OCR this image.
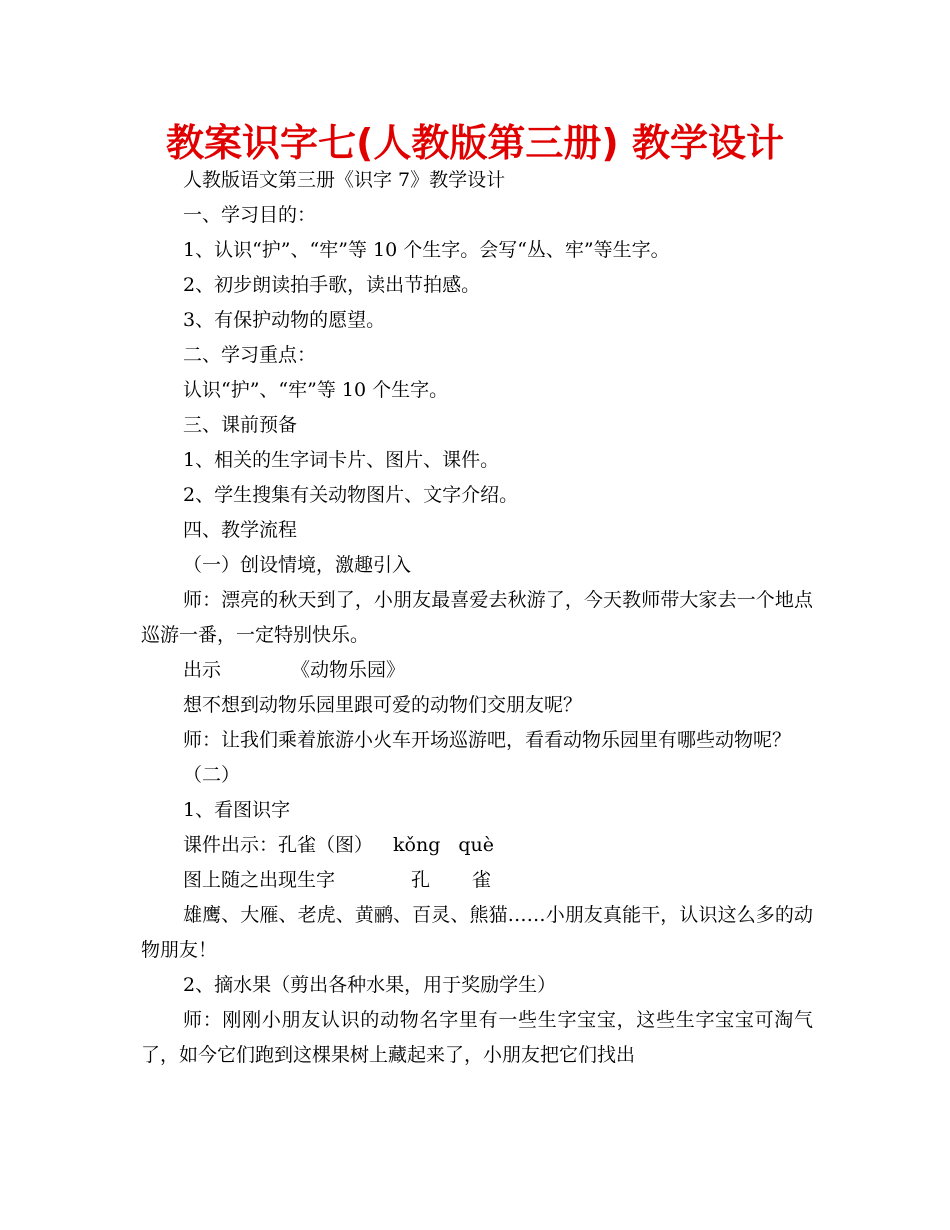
教案识字七(人教版第三册) 教学设计

人教版语文第三册《识字 7》教学设计

一、学习目的：

1、认识“护”、“牢”等 10 个生字。会写“丛、牢”等生字。

2、初步朗读拍手歌，读出节拍感。

3、有保护动物的愿望。

二、学习重点：

认识“护”、“牢”等 10 个生字。

三、课前预备

1、相关的生字词卡片、图片、课件。

2、学生搜集有关动物图片、文字介绍。

四、教学流程

（一）创设情境，激趣引入

师：漂亮的秋天到了，小朋友最喜爱去秋游了，今天教师带大家去一个地点巡游一番，一定特别快乐。

出示	《动物乐园》

想不想到动物乐园里跟可爱的动物们交朋友呢？

师：让我们乘着旅游小火车开场巡游吧，看看动物乐园里有哪些动物呢？

（二）

1、看图识字

课件出示：孔雀（图） kǒng què

图上随之出现生字	孔 雀

雄鹰、大雁、老虎、黄鹂、百灵、熊猫……小朋友真能干，认识这么多的动物朋友！

2、摘水果（剪出各种水果，用于奖励学生）

师：刚刚小朋友认识的动物名字里有一些生字宝宝，这些生字宝宝可淘气了，如今它们跑到这棵果树上藏起来了，小朋友把它们找出
